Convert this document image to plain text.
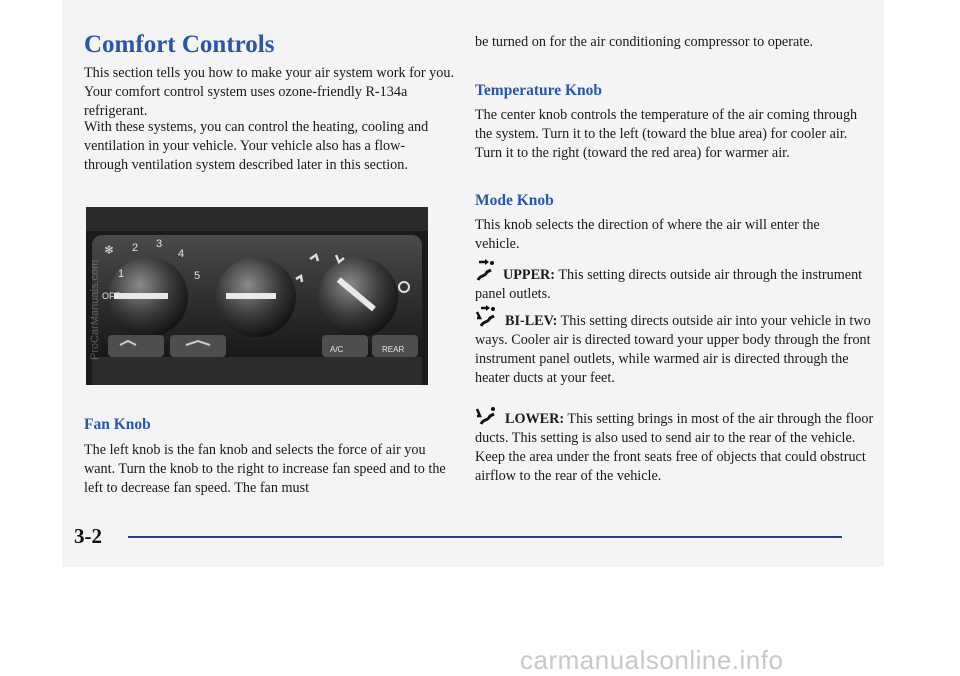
Comfort Controls

This section tells you how to make your air system work for you. Your comfort control system uses ozone-friendly R-134a refrigerant.

With these systems, you can control the heating, cooling and ventilation in your vehicle. Your vehicle also has a flow-through ventilation system described later in this section.

Fan Knob

The left knob is the fan knob and selects the force of air you want. Turn the knob to the right to increase fan speed and to the left to decrease fan speed. The fan must

be turned on for the air conditioning compressor to operate.

Temperature Knob

The center knob controls the temperature of the air coming through the system. Turn it to the left (toward the blue area) for cooler air. Turn it to the right (toward the red area) for warmer air.

Mode Knob

This knob selects the direction of where the air will enter the vehicle.

UPPER: This setting directs outside air through the instrument panel outlets.

BI-LEV: This setting directs outside air into your vehicle in two ways. Cooler air is directed toward your upper body through the front instrument panel outlets, while warmed air is directed through the heater ducts at your feet.

LOWER: This setting brings in most of the air through the floor ducts. This setting is also used to send air to the rear of the vehicle. Keep the area under the front seats free of objects that could obstruct airflow to the rear of the vehicle.

❄ 2 3
4
1	5
OFF
A/C	REAR
ProCarManuals.com
3-2
carmanualsonline.info
